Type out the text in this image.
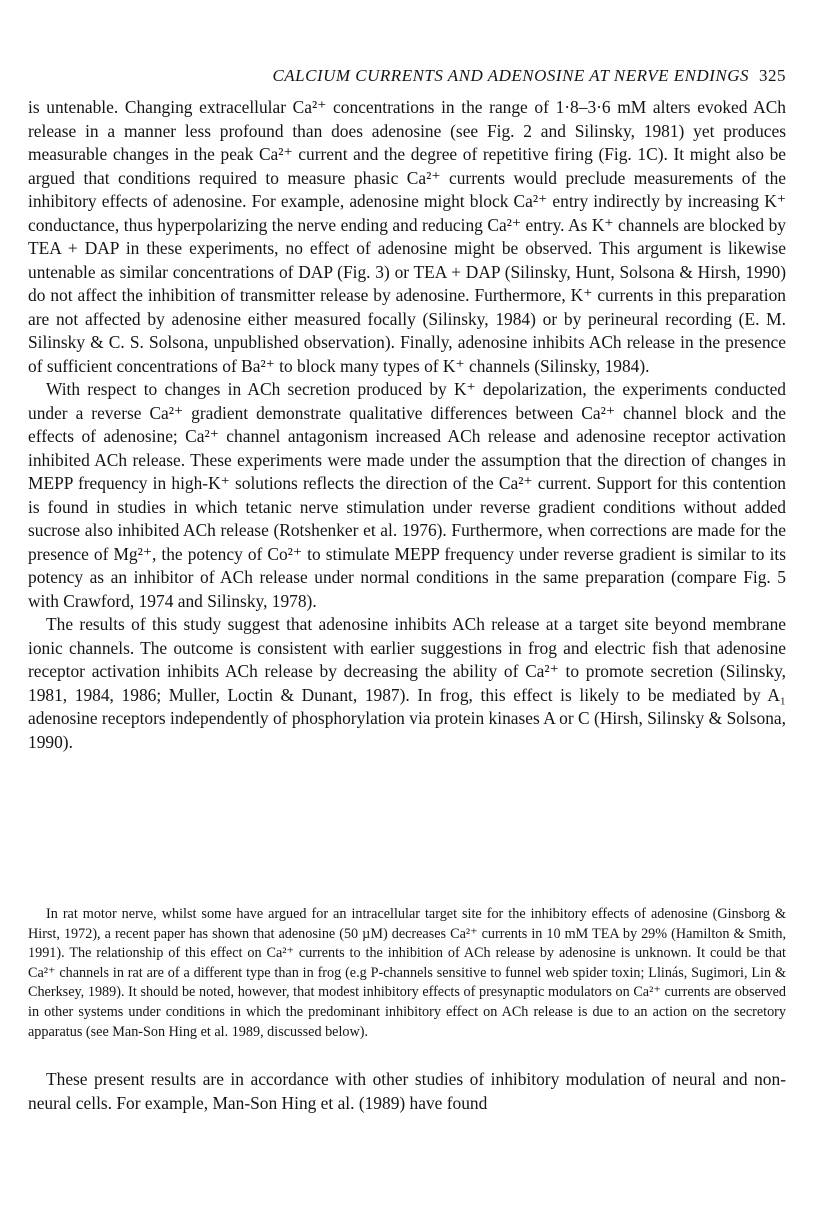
CALCIUM CURRENTS AND ADENOSINE AT NERVE ENDINGS 325

is untenable. Changing extracellular Ca²⁺ concentrations in the range of 1·8–3·6 mM alters evoked ACh release in a manner less profound than does adenosine (see Fig. 2 and Silinsky, 1981) yet produces measurable changes in the peak Ca²⁺ current and the degree of repetitive firing (Fig. 1C). It might also be argued that conditions required to measure phasic Ca²⁺ currents would preclude measurements of the inhibitory effects of adenosine. For example, adenosine might block Ca²⁺ entry indirectly by increasing K⁺ conductance, thus hyperpolarizing the nerve ending and reducing Ca²⁺ entry. As K⁺ channels are blocked by TEA + DAP in these experiments, no effect of adenosine might be observed. This argument is likewise untenable as similar concentrations of DAP (Fig. 3) or TEA + DAP (Silinsky, Hunt, Solsona & Hirsh, 1990) do not affect the inhibition of transmitter release by adenosine. Furthermore, K⁺ currents in this preparation are not affected by adenosine either measured focally (Silinsky, 1984) or by perineural recording (E. M. Silinsky & C. S. Solsona, unpublished observation). Finally, adenosine inhibits ACh release in the presence of sufficient concentrations of Ba²⁺ to block many types of K⁺ channels (Silinsky, 1984).

With respect to changes in ACh secretion produced by K⁺ depolarization, the experiments conducted under a reverse Ca²⁺ gradient demonstrate qualitative differences between Ca²⁺ channel block and the effects of adenosine; Ca²⁺ channel antagonism increased ACh release and adenosine receptor activation inhibited ACh release. These experiments were made under the assumption that the direction of changes in MEPP frequency in high-K⁺ solutions reflects the direction of the Ca²⁺ current. Support for this contention is found in studies in which tetanic nerve stimulation under reverse gradient conditions without added sucrose also inhibited ACh release (Rotshenker et al. 1976). Furthermore, when corrections are made for the presence of Mg²⁺, the potency of Co²⁺ to stimulate MEPP frequency under reverse gradient is similar to its potency as an inhibitor of ACh release under normal conditions in the same preparation (compare Fig. 5 with Crawford, 1974 and Silinsky, 1978).

The results of this study suggest that adenosine inhibits ACh release at a target site beyond membrane ionic channels. The outcome is consistent with earlier suggestions in frog and electric fish that adenosine receptor activation inhibits ACh release by decreasing the ability of Ca²⁺ to promote secretion (Silinsky, 1981, 1984, 1986; Muller, Loctin & Dunant, 1987). In frog, this effect is likely to be mediated by A₁ adenosine receptors independently of phosphorylation via protein kinases A or C (Hirsh, Silinsky & Solsona, 1990).

In rat motor nerve, whilst some have argued for an intracellular target site for the inhibitory effects of adenosine (Ginsborg & Hirst, 1972), a recent paper has shown that adenosine (50 µM) decreases Ca²⁺ currents in 10 mM TEA by 29% (Hamilton & Smith, 1991). The relationship of this effect on Ca²⁺ currents to the inhibition of ACh release by adenosine is unknown. It could be that Ca²⁺ channels in rat are of a different type than in frog (e.g P-channels sensitive to funnel web spider toxin; Llinás, Sugimori, Lin & Cherksey, 1989). It should be noted, however, that modest inhibitory effects of presynaptic modulators on Ca²⁺ currents are observed in other systems under conditions in which the predominant inhibitory effect on ACh release is due to an action on the secretory apparatus (see Man-Son Hing et al. 1989, discussed below).

These present results are in accordance with other studies of inhibitory modulation of neural and non-neural cells. For example, Man-Son Hing et al. (1989) have found
